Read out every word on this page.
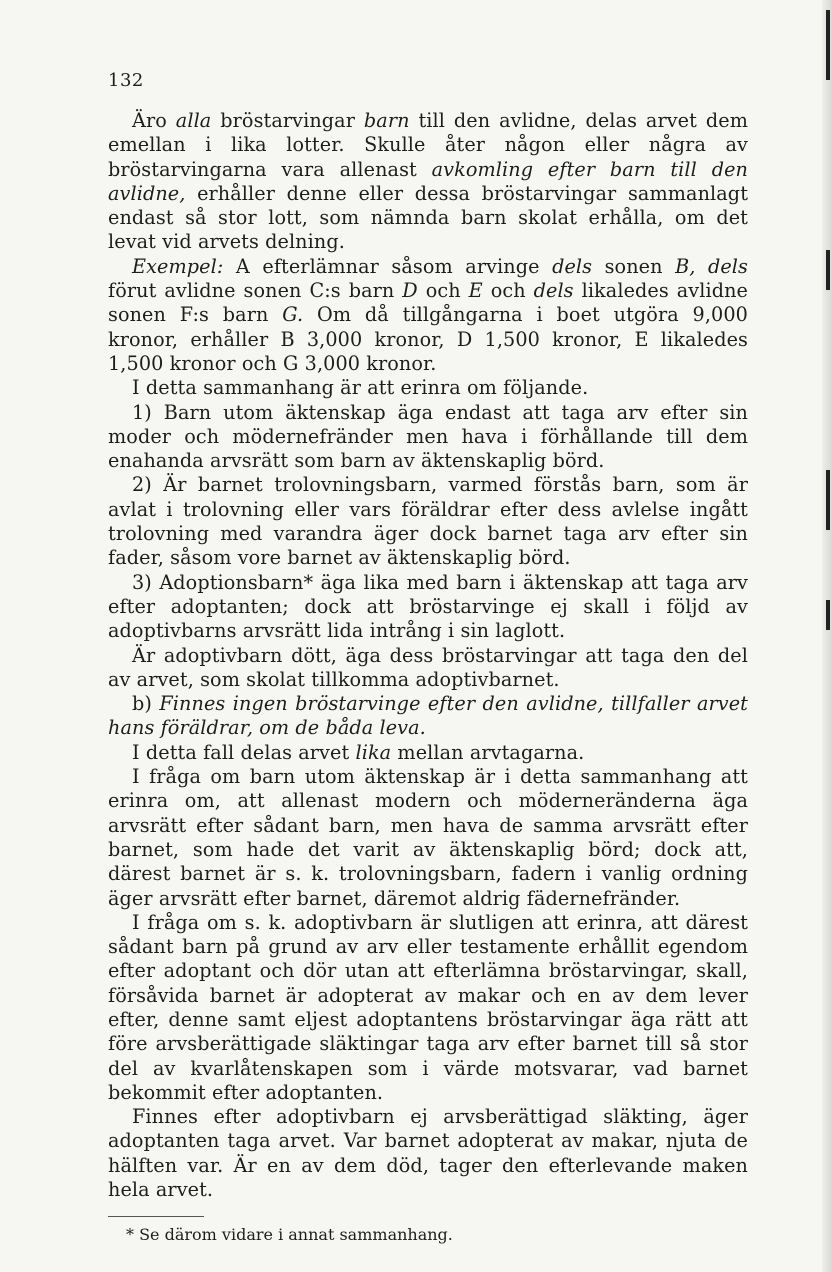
132

Äro alla bröstarvingar barn till den avlidne, delas arvet dem emellan i lika lotter. Skulle åter någon eller några av bröstarvingarna vara allenast avkomling efter barn till den avlidne, erhåller denne eller dessa bröstarvingar sammanlagt endast så stor lott, som nämnda barn skolat erhålla, om det levat vid arvets delning.

Exempel: A efterlämnar såsom arvinge dels sonen B, dels förut avlidne sonen C:s barn D och E och dels likaledes avlidne sonen F:s barn G. Om då tillgångarna i boet utgöra 9,000 kronor, erhåller B 3,000 kronor, D 1,500 kronor, E likaledes 1,500 kronor och G 3,000 kronor.

I detta sammanhang är att erinra om följande.

1) Barn utom äktenskap äga endast att taga arv efter sin moder och mödernefränder men hava i förhållande till dem enahanda arvsrätt som barn av äktenskaplig börd.

2) Är barnet trolovningsbarn, varmed förstås barn, som är avlat i trolovning eller vars föräldrar efter dess avlelse ingått trolovning med varandra äger dock barnet taga arv efter sin fader, såsom vore barnet av äktenskaplig börd.

3) Adoptionsbarn* äga lika med barn i äktenskap att taga arv efter adoptanten; dock att bröstarvinge ej skall i följd av adoptivbarns arvsrätt lida intrång i sin laglott.

Är adoptivbarn dött, äga dess bröstarvingar att taga den del av arvet, som skolat tillkomma adoptivbarnet.

b) Finnes ingen bröstarvinge efter den avlidne, tillfaller arvet hans föräldrar, om de båda leva.

I detta fall delas arvet lika mellan arvtagarna.

I fråga om barn utom äktenskap är i detta sammanhang att erinra om, att allenast modern och möderneränderna äga arvsrätt efter sådant barn, men hava de samma arvsrätt efter barnet, som hade det varit av äktenskaplig börd; dock att, därest barnet är s. k. trolovningsbarn, fadern i vanlig ordning äger arvsrätt efter barnet, däremot aldrig fädernefränder.

I fråga om s. k. adoptivbarn är slutligen att erinra, att därest sådant barn på grund av arv eller testamente erhållit egendom efter adoptant och dör utan att efterlämna bröstarvingar, skall, försåvida barnet är adopterat av makar och en av dem lever efter, denne samt eljest adoptantens bröstarvingar äga rätt att före arvsberättigade släktingar taga arv efter barnet till så stor del av kvarlåtenskapen som i värde motsvarar, vad barnet bekommit efter adoptanten.

Finnes efter adoptivbarn ej arvsberättigad släkting, äger adoptanten taga arvet. Var barnet adopterat av makar, njuta de hälften var. Är en av dem död, tager den efterlevande maken hela arvet.

* Se därom vidare i annat sammanhang.
